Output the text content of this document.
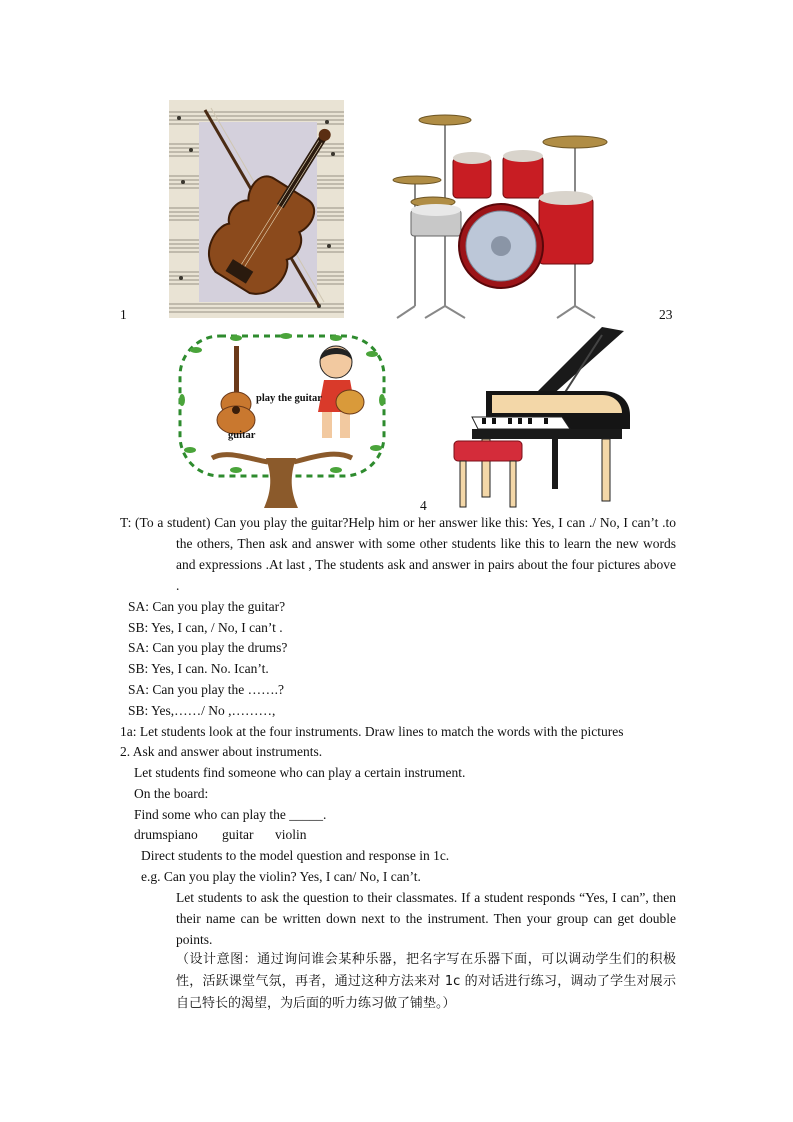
1	23
play the guitar
guitar
4
T: (To a student) Can you play the guitar?Help him or her answer like this: Yes, I can ./ No, I can’t .to the others, Then ask and answer with some other students like this to learn the new words and expressions .At last , The students ask and answer in pairs about the four pictures above .
SA: Can you play the guitar?
SB: Yes, I can, / No, I can’t .
SA: Can you play the drums?
SB: Yes, I can. No. Ican’t.
SA: Can you play the …….?
SB: Yes,……/ No ,………,
1a: Let students look at the four instruments. Draw lines to match the words with the pictures
2. Ask and answer about instruments.
Let students find someone who can play a certain instrument.
On the board:
Find some who can play the _____.
drumspiano guitar violin
Direct students to the model question and response in 1c.
e.g. Can you play the violin? Yes, I can/ No, I can’t.
Let students to ask the question to their classmates. If a student responds “Yes, I can”, then their name can be written down next to the instrument. Then your group can get double points.
（设计意图：通过询问谁会某种乐器，把名字写在乐器下面，可以调动学生们的积极性，活跃课堂气氛，再者，通过这种方法来对 1c 的对话进行练习，调动了学生对展示自己特长的渴望，为后面的听力练习做了铺垫。）
